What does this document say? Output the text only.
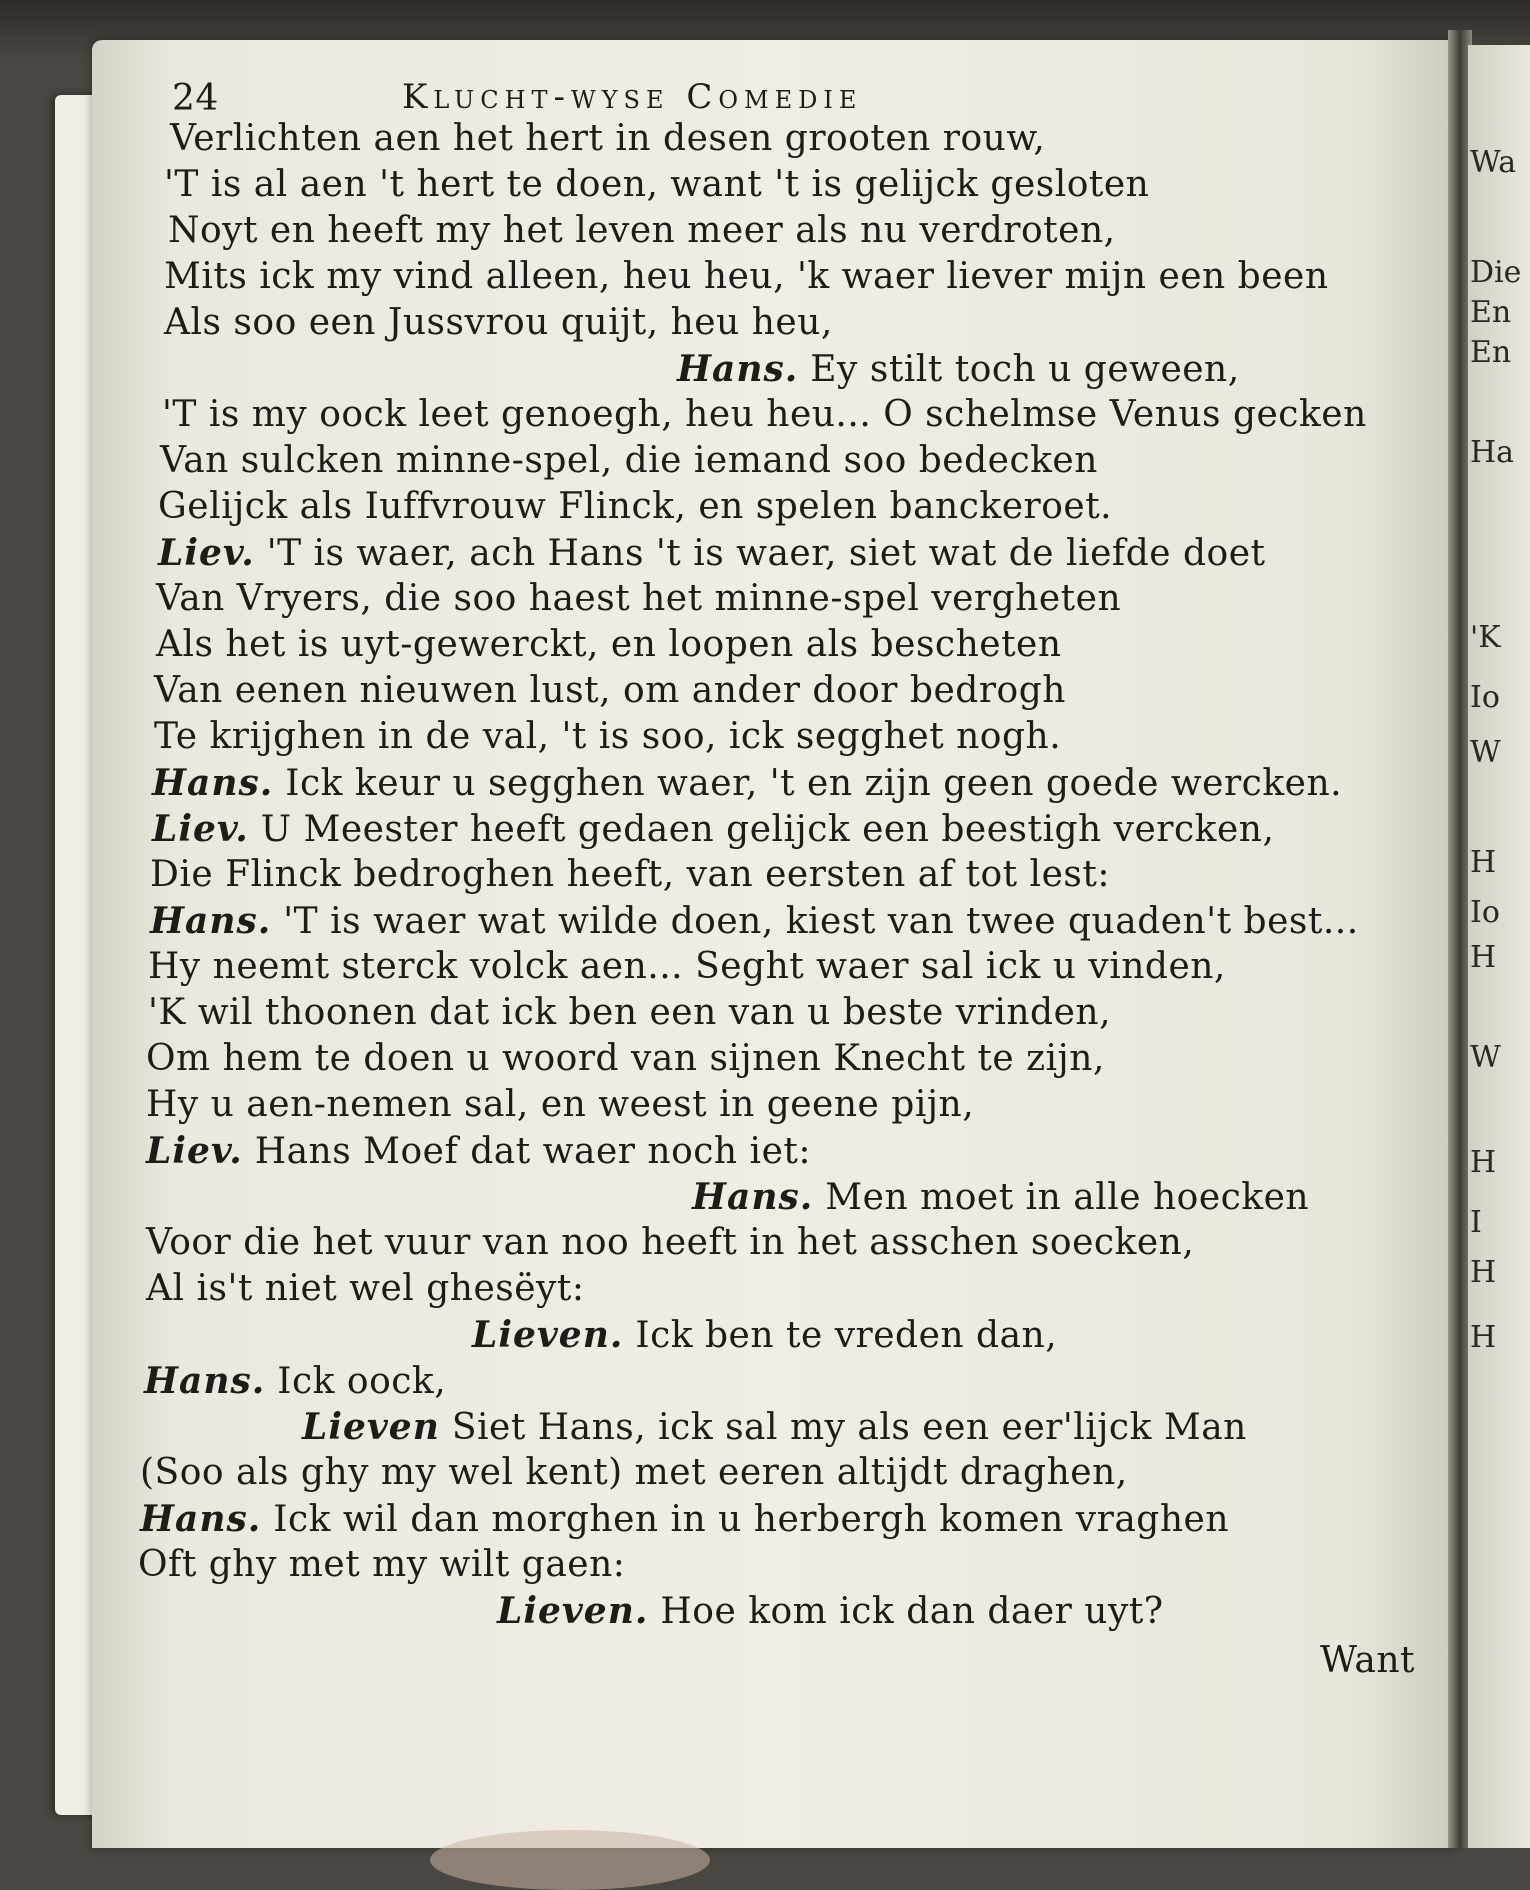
24	Klucht-wyse Comedie
Verlichten aen het hert in desen grooten rouw,
'T is al aen 't hert te doen, want 't is gelijck gesloten
Noyt en heeft my het leven meer als nu verdroten,
Mits ick my vind alleen, heu heu, 'k waer liever mijn een been
Als soo een Jussvrou quijt, heu heu,
Hans. Ey stilt toch u geween,
'T is my oock leet genoegh, heu heu... O schelmse Venus gecken
Van sulcken minne-spel, die iemand soo bedecken
Gelijck als Iuffvrouw Flinck, en spelen banckeroet.
Liev. 'T is waer, ach Hans 't is waer, siet wat de liefde doet
Van Vryers, die soo haest het minne-spel vergheten
Als het is uyt-gewerckt, en loopen als bescheten
Van eenen nieuwen lust, om ander door bedrogh
Te krijghen in de val, 't is soo, ick segghet nogh.
Hans. Ick keur u segghen waer, 't en zijn geen goede wercken.
Liev. U Meester heeft gedaen gelijck een beestigh vercken,
Die Flinck bedroghen heeft, van eersten af tot lest:
Hans. 'T is waer wat wilde doen, kiest van twee quaden't best...
Hy neemt sterck volck aen... Seght waer sal ick u vinden,
'K wil thoonen dat ick ben een van u beste vrinden,
Om hem te doen u woord van sijnen Knecht te zijn,
Hy u aen-nemen sal, en weest in geene pijn,
Liev. Hans Moef dat waer noch iet:
Hans. Men moet in alle hoecken
Voor die het vuur van noo heeft in het asschen soecken,
Al is't niet wel ghesëyt:
Lieven. Ick ben te vreden dan,
Hans. Ick oock,
Lieven Siet Hans, ick sal my als een eer'lijck Man
(Soo als ghy my wel kent) met eeren altijdt draghen,
Hans. Ick wil dan morghen in u herbergh komen vraghen
Oft ghy met my wilt gaen:
Lieven. Hoe kom ick dan daer uyt?
Want
Wa
Die
En
En
Ha
'K
Io
W
H
Io
H
W
H
I
H
H
